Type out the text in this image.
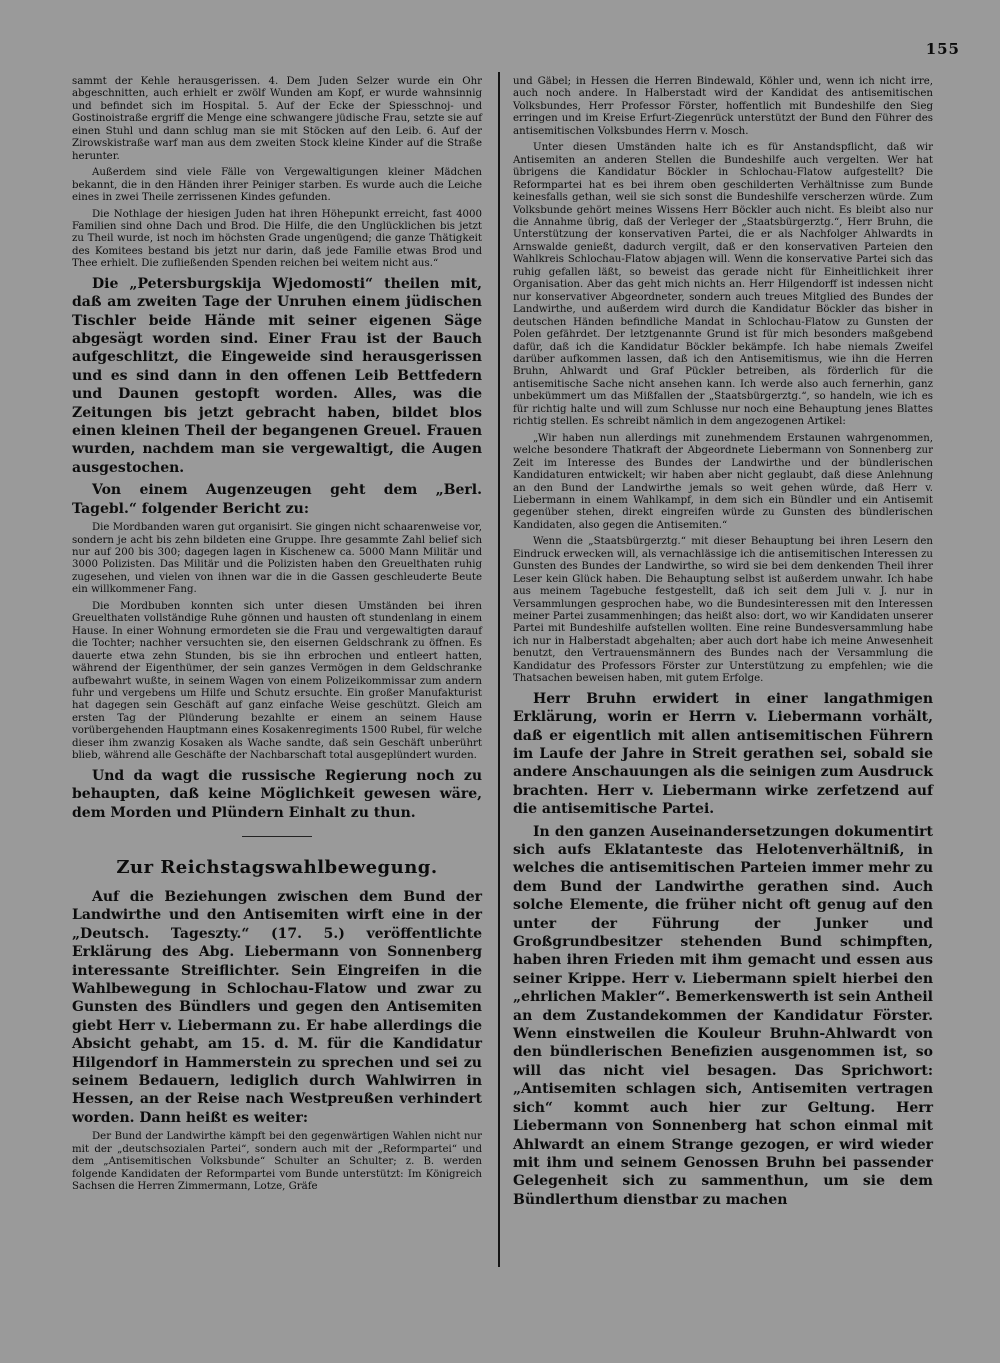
155

sammt der Kehle herausgerissen. 4. Dem Juden Selzer wurde ein Ohr abgeschnitten, auch erhielt er zwölf Wunden am Kopf, er wurde wahnsinnig und befindet sich im Hospital. 5. Auf der Ecke der Spiesschnoj- und Gostinoistraße ergriff die Menge eine schwangere jüdische Frau, setzte sie auf einen Stuhl und dann schlug man sie mit Stöcken auf den Leib. 6. Auf der Zirowskistraße warf man aus dem zweiten Stock kleine Kinder auf die Straße herunter.

Außerdem sind viele Fälle von Vergewaltigungen kleiner Mädchen bekannt, die in den Händen ihrer Peiniger starben. Es wurde auch die Leiche eines in zwei Theile zerrissenen Kindes gefunden.

Die Nothlage der hiesigen Juden hat ihren Höhepunkt erreicht, fast 4000 Familien sind ohne Dach und Brod. Die Hilfe, die den Unglücklichen bis jetzt zu Theil wurde, ist noch im höchsten Grade ungenügend; die ganze Thätigkeit des Komitees bestand bis jetzt nur darin, daß jede Familie etwas Brod und Thee erhielt. Die zufließenden Spenden reichen bei weitem nicht aus.“

Die „Petersburgskija Wjedomosti“ theilen mit, daß am zweiten Tage der Unruhen einem jüdischen Tischler beide Hände mit seiner eigenen Säge abgesägt worden sind. Einer Frau ist der Bauch aufgeschlitzt, die Eingeweide sind herausgerissen und es sind dann in den offenen Leib Bettfedern und Daunen gestopft worden. Alles, was die Zeitungen bis jetzt gebracht haben, bildet blos einen kleinen Theil der begangenen Greuel. Frauen wurden, nachdem man sie vergewaltigt, die Augen ausgestochen.

Von einem Augenzeugen geht dem „Berl. Tagebl.“ folgender Bericht zu:

Die Mordbanden waren gut organisirt. Sie gingen nicht schaarenweise vor, sondern je acht bis zehn bildeten eine Gruppe. Ihre gesammte Zahl belief sich nur auf 200 bis 300; dagegen lagen in Kischenew ca. 5000 Mann Militär und 3000 Polizisten. Das Militär und die Polizisten haben den Greuelthaten ruhig zugesehen, und vielen von ihnen war die in die Gassen geschleuderte Beute ein willkommener Fang.

Die Mordbuben konnten sich unter diesen Umständen bei ihren Greuelthaten vollständige Ruhe gönnen und hausten oft stundenlang in einem Hause. In einer Wohnung ermordeten sie die Frau und vergewaltigten darauf die Tochter; nachher versuchten sie, den eisernen Geldschrank zu öffnen. Es dauerte etwa zehn Stunden, bis sie ihn erbrochen und entleert hatten, während der Eigenthümer, der sein ganzes Vermögen in dem Geldschranke aufbewahrt wußte, in seinem Wagen von einem Polizeikommissar zum andern fuhr und vergebens um Hilfe und Schutz ersuchte. Ein großer Manufakturist hat dagegen sein Geschäft auf ganz einfache Weise geschützt. Gleich am ersten Tag der Plünderung bezahlte er einem an seinem Hause vorübergehenden Hauptmann eines Kosakenregiments 1500 Rubel, für welche dieser ihm zwanzig Kosaken als Wache sandte, daß sein Geschäft unberührt blieb, während alle Geschäfte der Nachbarschaft total ausgeplündert wurden.

Und da wagt die russische Regierung noch zu behaupten, daß keine Möglichkeit gewesen wäre, dem Morden und Plündern Einhalt zu thun.

Zur Reichstagswahlbewegung.

Auf die Beziehungen zwischen dem Bund der Landwirthe und den Antisemiten wirft eine in der „Deutsch. Tageszty.“ (17. 5.) veröffentlichte Erklärung des Abg. Liebermann von Sonnenberg interessante Streiflichter. Sein Eingreifen in die Wahlbewegung in Schlochau-Flatow und zwar zu Gunsten des Bündlers und gegen den Antisemiten giebt Herr v. Liebermann zu. Er habe allerdings die Absicht gehabt, am 15. d. M. für die Kandidatur Hilgendorf in Hammerstein zu sprechen und sei zu seinem Bedauern, lediglich durch Wahlwirren in Hessen, an der Reise nach Westpreußen verhindert worden. Dann heißt es weiter:

Der Bund der Landwirthe kämpft bei den gegenwärtigen Wahlen nicht nur mit der „deutschsozialen Partei“, sondern auch mit der „Reformpartei“ und dem „Antisemitischen Volksbunde“ Schulter an Schulter; z. B. werden folgende Kandidaten der Reformpartei vom Bunde unterstützt: Im Königreich Sachsen die Herren Zimmermann, Lotze, Gräfe

und Gäbel; in Hessen die Herren Bindewald, Köhler und, wenn ich nicht irre, auch noch andere. In Halberstadt wird der Kandidat des antisemitischen Volksbundes, Herr Professor Förster, hoffentlich mit Bundeshilfe den Sieg erringen und im Kreise Erfurt-Ziegenrück unterstützt der Bund den Führer des antisemitischen Volksbundes Herrn v. Mosch.

Unter diesen Umständen halte ich es für Anstandspflicht, daß wir Antisemiten an anderen Stellen die Bundeshilfe auch vergelten. Wer hat übrigens die Kandidatur Böckler in Schlochau-Flatow aufgestellt? Die Reformpartei hat es bei ihrem oben geschilderten Verhältnisse zum Bunde keinesfalls gethan, weil sie sich sonst die Bundeshilfe verscherzen würde. Zum Volksbunde gehört meines Wissens Herr Böckler auch nicht. Es bleibt also nur die Annahme übrig, daß der Verleger der „Staatsbürgerztg.“, Herr Bruhn, die Unterstützung der konservativen Partei, die er als Nachfolger Ahlwardts in Arnswalde genießt, dadurch vergilt, daß er den konservativen Parteien den Wahlkreis Schlochau-Flatow abjagen will. Wenn die konservative Partei sich das ruhig gefallen läßt, so beweist das gerade nicht für Einheitlichkeit ihrer Organisation. Aber das geht mich nichts an. Herr Hilgendorff ist indessen nicht nur konservativer Abgeordneter, sondern auch treues Mitglied des Bundes der Landwirthe, und außerdem wird durch die Kandidatur Böckler das bisher in deutschen Händen befindliche Mandat in Schlochau-Flatow zu Gunsten der Polen gefährdet. Der letztgenannte Grund ist für mich besonders maßgebend dafür, daß ich die Kandidatur Böckler bekämpfe. Ich habe niemals Zweifel darüber aufkommen lassen, daß ich den Antisemitismus, wie ihn die Herren Bruhn, Ahlwardt und Graf Pückler betreiben, als förderlich für die antisemitische Sache nicht ansehen kann. Ich werde also auch fernerhin, ganz unbekümmert um das Mißfallen der „Staatsbürgerztg.“, so handeln, wie ich es für richtig halte und will zum Schlusse nur noch eine Behauptung jenes Blattes richtig stellen. Es schreibt nämlich in dem angezogenen Artikel:

„Wir haben nun allerdings mit zunehmendem Erstaunen wahrgenommen, welche besondere Thatkraft der Abgeordnete Liebermann von Sonnenberg zur Zeit im Interesse des Bundes der Landwirthe und der bündlerischen Kandidaturen entwickelt; wir haben aber nicht geglaubt, daß diese Anlehnung an den Bund der Landwirthe jemals so weit gehen würde, daß Herr v. Liebermann in einem Wahlkampf, in dem sich ein Bündler und ein Antisemit gegenüber stehen, direkt eingreifen würde zu Gunsten des bündlerischen Kandidaten, also gegen die Antisemiten.“

Wenn die „Staatsbürgerztg.“ mit dieser Behauptung bei ihren Lesern den Eindruck erwecken will, als vernachlässige ich die antisemitischen Interessen zu Gunsten des Bundes der Landwirthe, so wird sie bei dem denkenden Theil ihrer Leser kein Glück haben. Die Behauptung selbst ist außerdem unwahr. Ich habe aus meinem Tagebuche festgestellt, daß ich seit dem Juli v. J. nur in Versammlungen gesprochen habe, wo die Bundesinteressen mit den Interessen meiner Partei zusammenhingen; das heißt also: dort, wo wir Kandidaten unserer Partei mit Bundeshilfe aufstellen wollten. Eine reine Bundesversammlung habe ich nur in Halberstadt abgehalten; aber auch dort habe ich meine Anwesenheit benutzt, den Vertrauensmännern des Bundes nach der Versammlung die Kandidatur des Professors Förster zur Unterstützung zu empfehlen; wie die Thatsachen beweisen haben, mit gutem Erfolge.

Herr Bruhn erwidert in einer langathmigen Erklärung, worin er Herrn v. Liebermann vorhält, daß er eigentlich mit allen antisemitischen Führern im Laufe der Jahre in Streit gerathen sei, sobald sie andere Anschauungen als die seinigen zum Ausdruck brachten. Herr v. Liebermann wirke zerfetzend auf die antisemitische Partei.

In den ganzen Auseinandersetzungen dokumentirt sich aufs Eklatanteste das Helotenverhältniß, in welches die antisemitischen Parteien immer mehr zu dem Bund der Landwirthe gerathen sind. Auch solche Elemente, die früher nicht oft genug auf den unter der Führung der Junker und Großgrundbesitzer stehenden Bund schimpften, haben ihren Frieden mit ihm gemacht und essen aus seiner Krippe. Herr v. Liebermann spielt hierbei den „ehrlichen Makler“. Bemerkenswerth ist sein Antheil an dem Zustandekommen der Kandidatur Förster. Wenn einstweilen die Kouleur Bruhn-Ahlwardt von den bündlerischen Benefizien ausgenommen ist, so will das nicht viel besagen. Das Sprichwort: „Antisemiten schlagen sich, Antisemiten vertragen sich“ kommt auch hier zur Geltung. Herr Liebermann von Sonnenberg hat schon einmal mit Ahlwardt an einem Strange gezogen, er wird wieder mit ihm und seinem Genossen Bruhn bei passender Gelegenheit sich zu sammenthun, um sie dem Bündlerthum dienstbar zu machen
